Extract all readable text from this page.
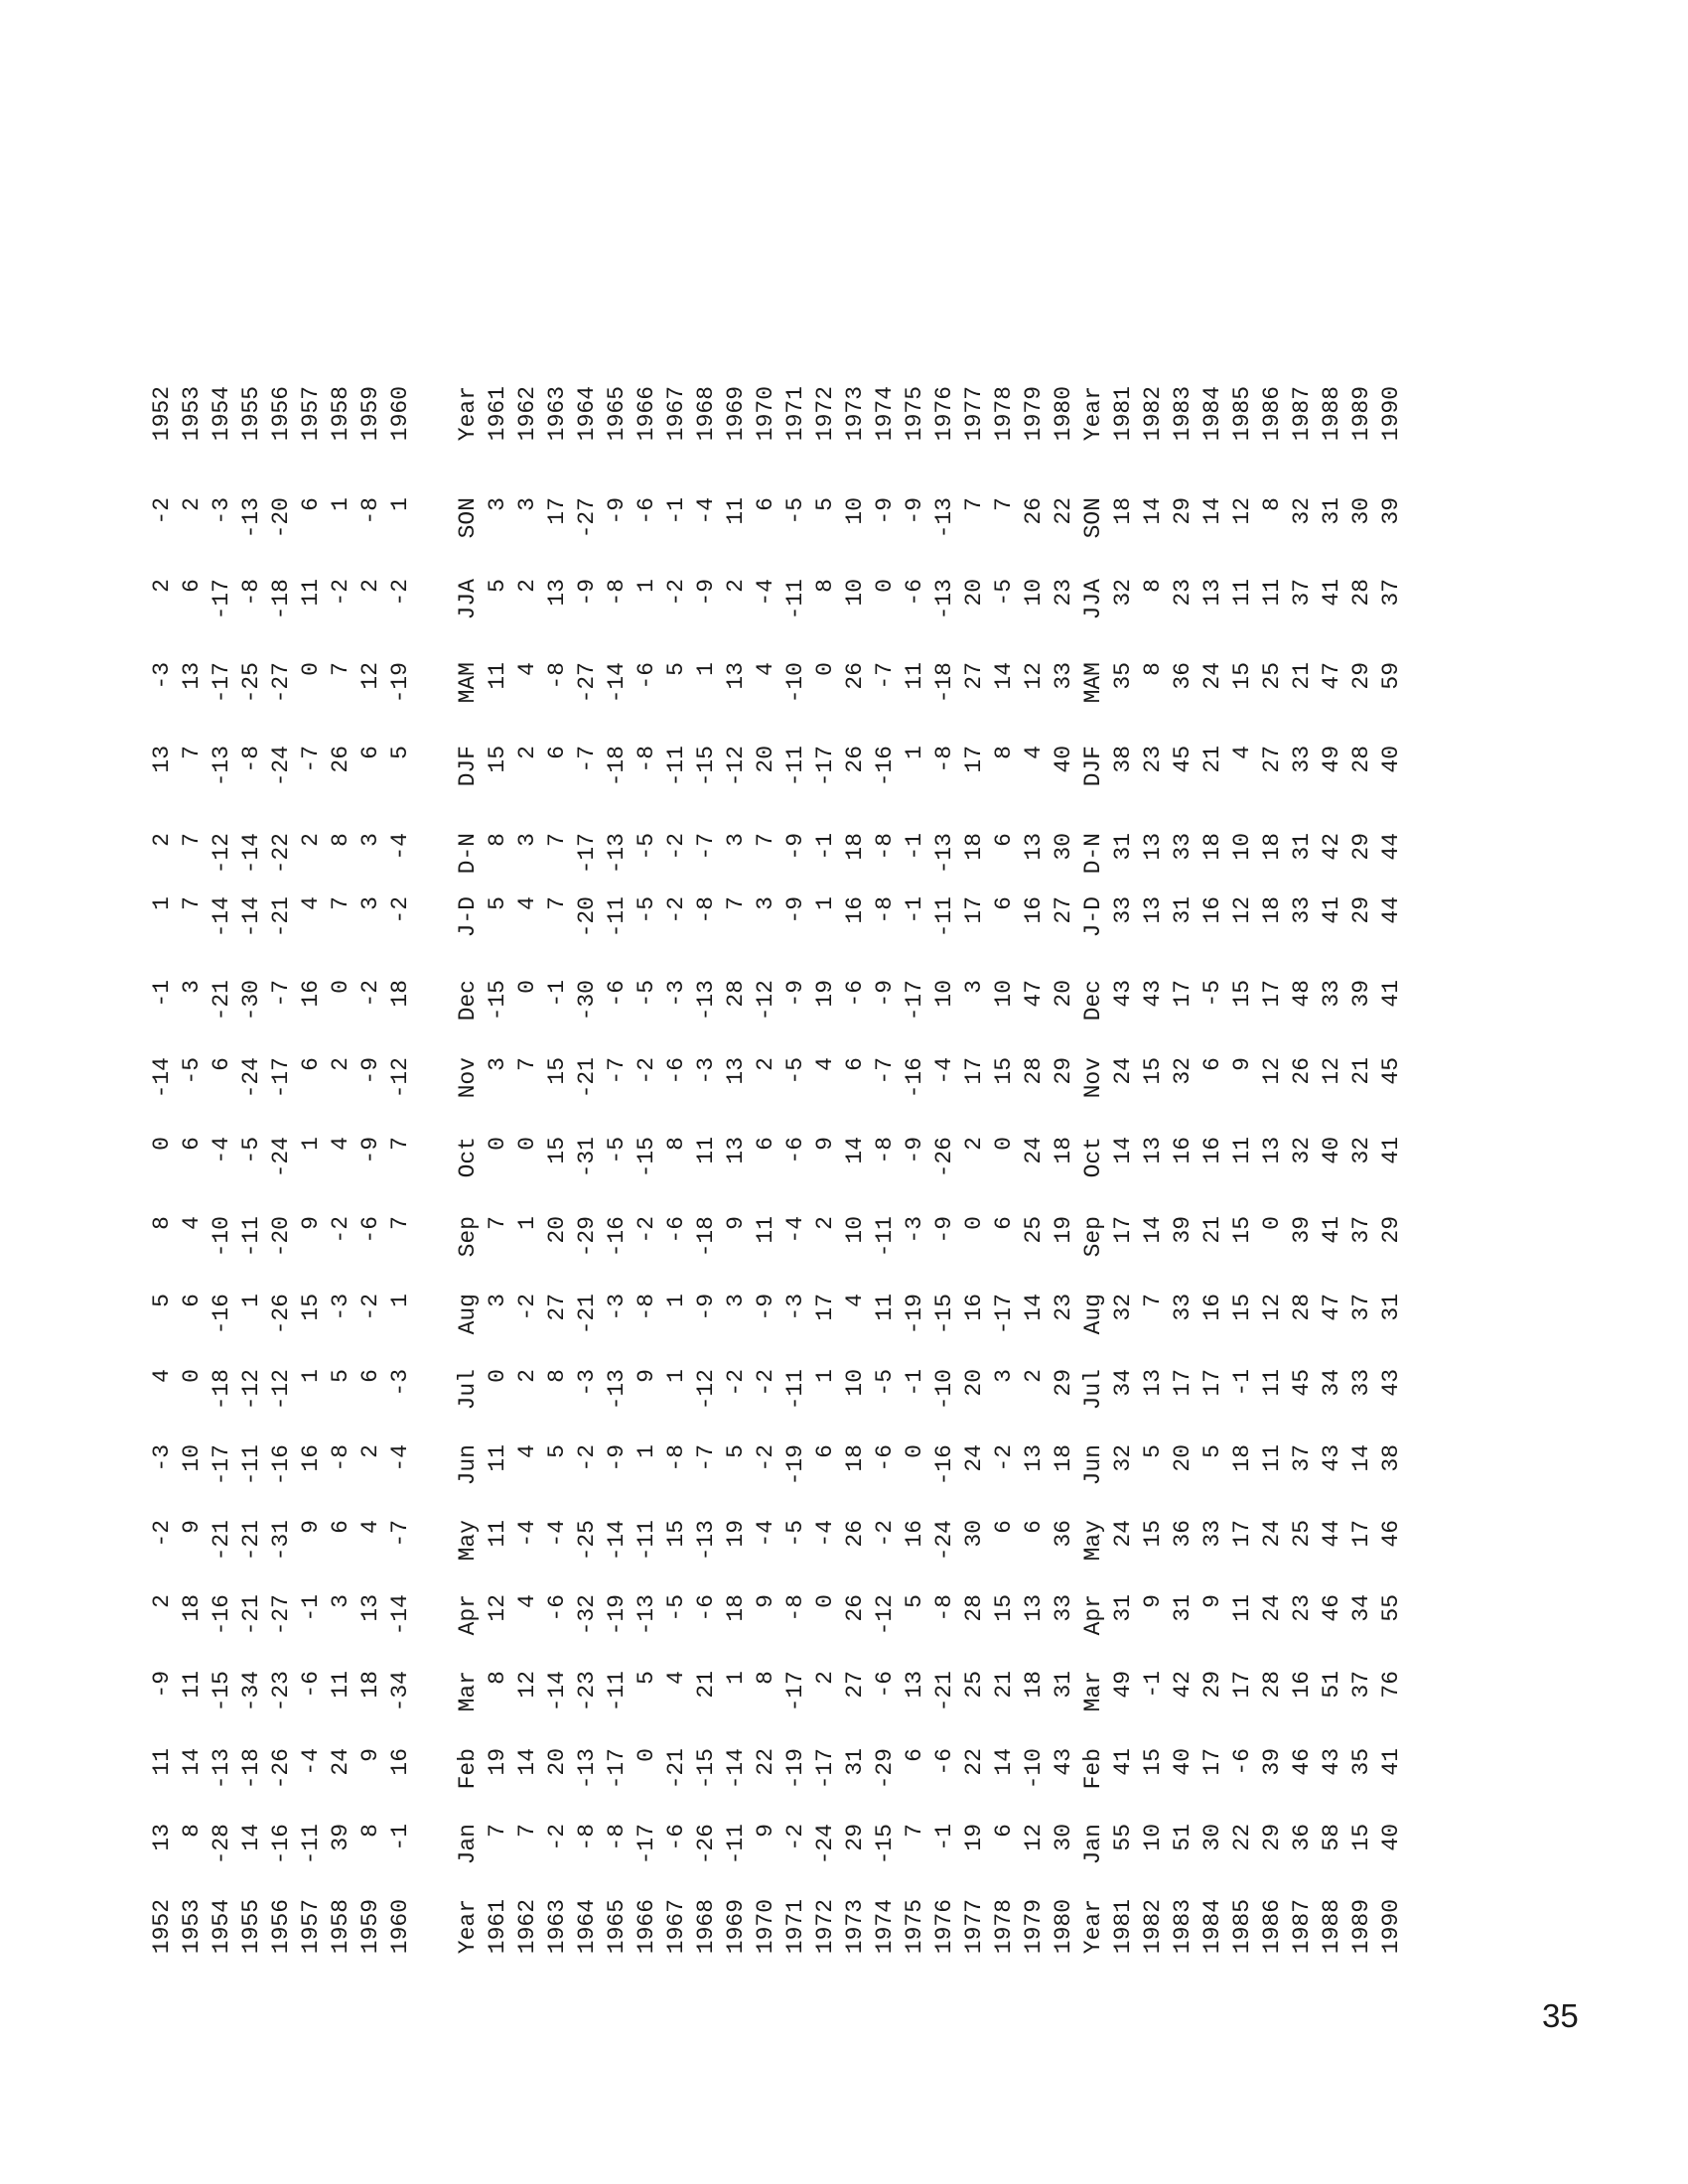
1952	13	11	-9	2	-2	-3	4	5	8	0	-14	-1	1	2	13	-3	2	-2	1952
1953	8	14	11	18	9	10	0	6	4	6	-5	3	7	7	7	13	6	2	1953
1954	-28	-13	-15	-16	-21	-17	-18	-16	-10	-4	6	-21	-14	-12	-13	-17	-17	-3	1954
1955	14	-18	-34	-21	-21	-11	-12	1	-11	-5	-24	-30	-14	-14	-8	-25	-8	-13	1955
1956	-16	-26	-23	-27	-31	-16	-12	-26	-20	-24	-17	-7	-21	-22	-24	-27	-18	-20	1956
1957	-11	-4	-6	-1	9	16	1	15	9	1	6	16	4	2	-7	0	11	6	1957
1958	39	24	11	3	6	-8	5	-3	-2	4	2	0	7	8	26	7	-2	1	1958
1959	8	9	18	13	4	2	6	-2	-6	-9	-9	-2	3	3	6	12	2	-8	1959
1960	-1	16	-34	-14	-7	-4	-3	1	7	7	-12	18	-2	-4	5	-19	-2	1	1960
Year	Jan	Feb	Mar	Apr	May	Jun	Jul	Aug	Sep	Oct	Nov	Dec	J-D	D-N	DJF	MAM	JJA	SON	Year
1961	7	19	8	12	11	11	0	3	7	0	3	-15	5	8	15	11	5	3	1961
1962	7	14	12	4	-4	4	2	-2	1	0	7	0	4	3	2	4	2	3	1962
1963	-2	20	-14	-6	-4	5	8	27	20	15	15	-1	7	7	6	-8	13	17	1963
1964	-8	-13	-23	-32	-25	-2	-3	-21	-29	-31	-21	-30	-20	-17	-7	-27	-9	-27	1964
1965	-8	-17	-11	-19	-14	-9	-13	-3	-16	-5	-7	-6	-11	-13	-18	-14	-8	-9	1965
1966	-17	0	5	-13	-11	1	9	-8	-2	-15	-2	-5	-5	-5	-8	-6	1	-6	1966
1967	-6	-21	4	-5	15	-8	1	1	-6	8	-6	-3	-2	-2	-11	5	-2	-1	1967
1968	-26	-15	21	-6	-13	-7	-12	-9	-18	11	-3	-13	-8	-7	-15	1	-9	-4	1968
1969	-11	-14	1	18	19	5	-2	3	9	13	13	28	7	3	-12	13	2	11	1969
1970	9	22	8	9	-4	-2	-2	-9	11	6	2	-12	3	7	20	4	-4	6	1970
1971	-2	-19	-17	-8	-5	-19	-11	-3	-4	-6	-5	-9	-9	-9	-11	-10	-11	-5	1971
1972	-24	-17	2	0	-4	6	1	17	2	9	4	19	1	-1	-17	0	8	5	1972
1973	29	31	27	26	26	18	10	4	10	14	6	-6	16	18	26	26	10	10	1973
1974	-15	-29	-6	-12	-2	-6	-5	11	-11	-8	-7	-9	-8	-8	-16	-7	0	-9	1974
1975	7	6	13	5	16	0	-1	-19	-3	-9	-16	-17	-1	-1	1	11	-6	-9	1975
1976	-1	-6	-21	-8	-24	-16	-10	-15	-9	-26	-4	10	-11	-13	-8	-18	-13	-13	1976
1977	19	22	25	28	30	24	20	16	0	2	17	3	17	18	17	27	20	7	1977
1978	6	14	21	15	6	-2	3	-17	6	0	15	10	6	6	8	14	-5	7	1978
1979	12	-10	18	13	6	13	2	14	25	24	28	47	16	13	4	12	10	26	1979
1980	30	43	31	33	36	18	29	23	19	18	29	20	27	30	40	33	23	22	1980
Year	Jan	Feb	Mar	Apr	May	Jun	Jul	Aug	Sep	Oct	Nov	Dec	J-D	D-N	DJF	MAM	JJA	SON	Year
1981	55	41	49	31	24	32	34	32	17	14	24	43	33	31	38	35	32	18	1981
1982	10	15	-1	9	15	5	13	7	14	13	15	43	13	13	23	8	8	14	1982
1983	51	40	42	31	36	20	17	33	39	16	32	17	31	33	45	36	23	29	1983
1984	30	17	29	9	33	5	17	16	21	16	6	-5	16	18	21	24	13	14	1984
1985	22	-6	17	11	17	18	-1	15	15	11	9	15	12	10	4	15	11	12	1985
1986	29	39	28	24	24	11	11	12	0	13	12	17	18	18	27	25	11	8	1986
1987	36	46	16	23	25	37	45	28	39	32	26	48	33	31	33	21	37	32	1987
1988	58	43	51	46	44	43	34	47	41	40	12	33	41	42	49	47	41	31	1988
1989	15	35	37	34	17	14	33	37	37	32	21	39	29	29	28	29	28	30	1989
1990	40	41	76	55	46	38	43	31	29	41	45	41	44	44	40	59	37	39	1990
35
